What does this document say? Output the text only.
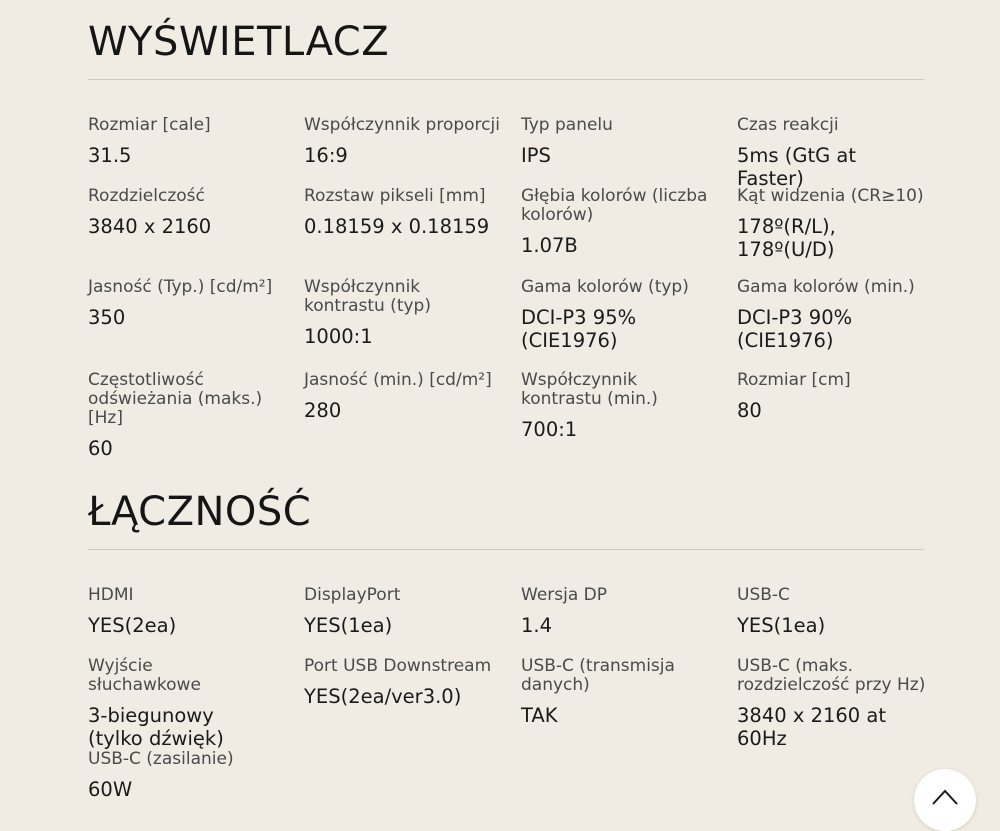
WYŚWIETLACZ
Rozmiar [cale]
31.5
Współczynnik proporcji
16:9
Typ panelu
IPS
Czas reakcji
5ms (GtG at Faster)
Rozdzielczość
3840 x 2160
Rozstaw pikseli [mm]
0.18159 x 0.18159
Głębia kolorów (liczba kolorów)
1.07B
Kąt widzenia (CR≥10)
178º(R/L), 178º(U/D)
Jasność (Typ.) [cd/m²]
350
Współczynnik kontrastu (typ)
1000:1
Gama kolorów (typ)
DCI-P3 95% (CIE1976)
Gama kolorów (min.)
DCI-P3 90% (CIE1976)
Częstotliwość odświeżania (maks.) [Hz]
60
Jasność (min.) [cd/m²]
280
Współczynnik kontrastu (min.)
700:1
Rozmiar [cm]
80
ŁĄCZNOŚĆ
HDMI
YES(2ea)
DisplayPort
YES(1ea)
Wersja DP
1.4
USB-C
YES(1ea)
Wyjście słuchawkowe
3-biegunowy (tylko dźwięk)
Port USB Downstream
YES(2ea/ver3.0)
USB-C (transmisja danych)
TAK
USB-C (maks. rozdzielczość przy Hz)
3840 x 2160 at 60Hz
USB-C (zasilanie)
60W
